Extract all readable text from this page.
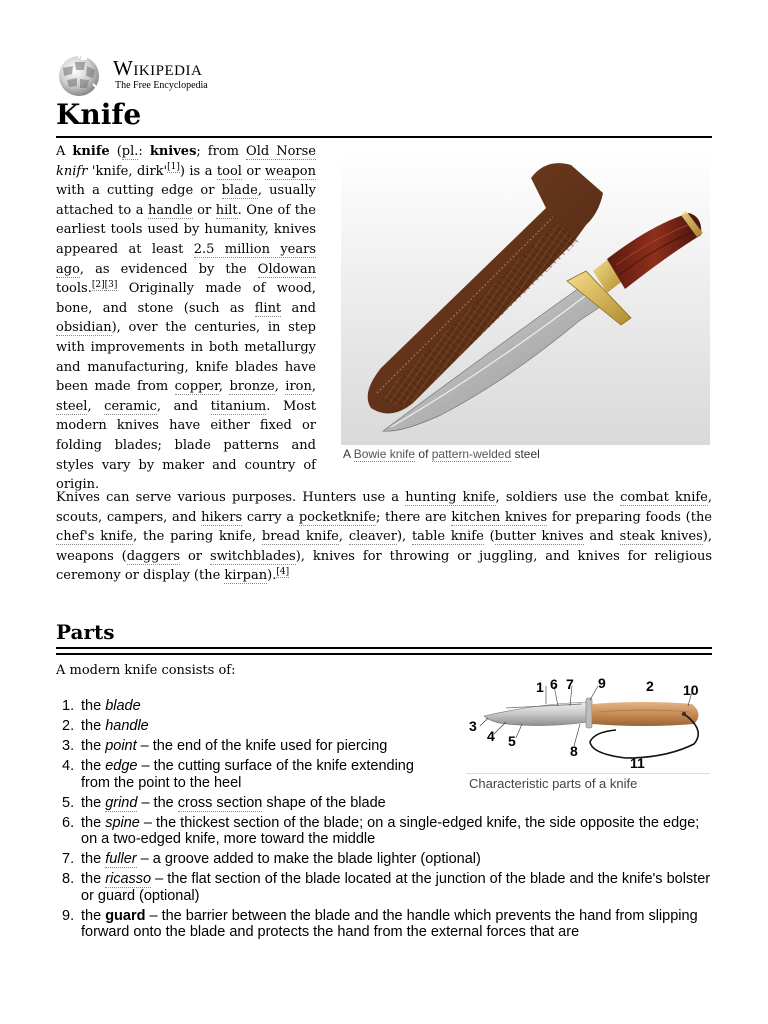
Wikipedia
The Free Encyclopedia
Knife

A knife (pl.: knives; from Old Norse knifr 'knife, dirk'[1]) is a tool or weapon with a cutting edge or blade, usually attached to a handle or hilt. One of the earliest tools used by humanity, knives appeared at least 2.5 million years ago, as evidenced by the Oldowan tools.[2][3] Originally made of wood, bone, and stone (such as flint and obsidian), over the centuries, in step with improvements in both metallurgy and manufacturing, knife blades have been made from copper, bronze, iron, steel, ceramic, and titanium. Most modern knives have either fixed or folding blades; blade patterns and styles vary by maker and country of origin.

A Bowie knife of pattern-welded steel

Knives can serve various purposes. Hunters use a hunting knife, soldiers use the combat knife, scouts, campers, and hikers carry a pocketknife; there are kitchen knives for preparing foods (the chef's knife, the paring knife, bread knife, cleaver), table knife (butter knives and steak knives), weapons (daggers or switchblades), knives for throwing or juggling, and knives for religious ceremony or display (the kirpan).[4]

Parts

A modern knife consists of:

1 6 7 9	2 10
3
4 5
8
11
Characteristic parts of a knife
1. the blade
2. the handle
3. the point – the end of the knife used for piercing
4. the edge – the cutting surface of the knife extending from the point to the heel
5. the grind – the cross section shape of the blade
6. the spine – the thickest section of the blade; on a single-edged knife, the side opposite the edge; on a two-edged knife, more toward the middle
7. the fuller – a groove added to make the blade lighter (optional)
8. the ricasso – the flat section of the blade located at the junction of the blade and the knife's bolster or guard (optional)
9. the guard – the barrier between the blade and the handle which prevents the hand from slipping forward onto the blade and protects the hand from the external forces that are
